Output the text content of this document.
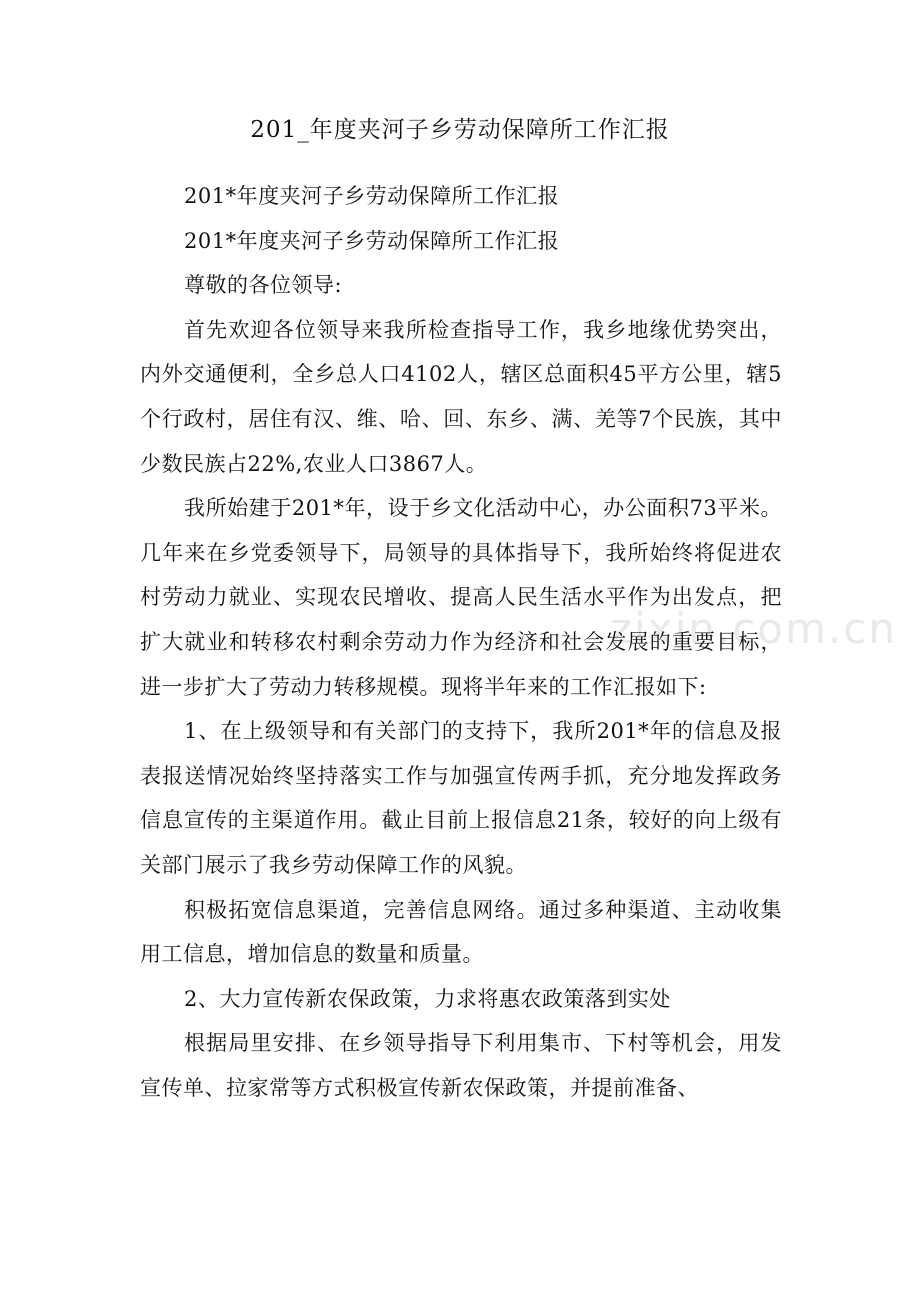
zixin.com.cn
201_年度夹河子乡劳动保障所工作汇报

201*年度夹河子乡劳动保障所工作汇报

201*年度夹河子乡劳动保障所工作汇报

尊敬的各位领导:

首先欢迎各位领导来我所检查指导工作，我乡地缘优势突出，内外交通便利，全乡总人口4102人，辖区总面积45平方公里，辖5个行政村，居住有汉、维、哈、回、东乡、满、羌等7个民族，其中少数民族占22%,农业人口3867人。

我所始建于201*年，设于乡文化活动中心，办公面积73平米。几年来在乡党委领导下，局领导的具体指导下，我所始终将促进农村劳动力就业、实现农民增收、提高人民生活水平作为出发点，把扩大就业和转移农村剩余劳动力作为经济和社会发展的重要目标，进一步扩大了劳动力转移规模。现将半年来的工作汇报如下:

1、在上级领导和有关部门的支持下，我所201*年的信息及报表报送情况始终坚持落实工作与加强宣传两手抓，充分地发挥政务信息宣传的主渠道作用。截止目前上报信息21条，较好的向上级有关部门展示了我乡劳动保障工作的风貌。

积极拓宽信息渠道，完善信息网络。通过多种渠道、主动收集用工信息，增加信息的数量和质量。

2、大力宣传新农保政策，力求将惠农政策落到实处

根据局里安排、在乡领导指导下利用集市、下村等机会，用发宣传单、拉家常等方式积极宣传新农保政策，并提前准备、
